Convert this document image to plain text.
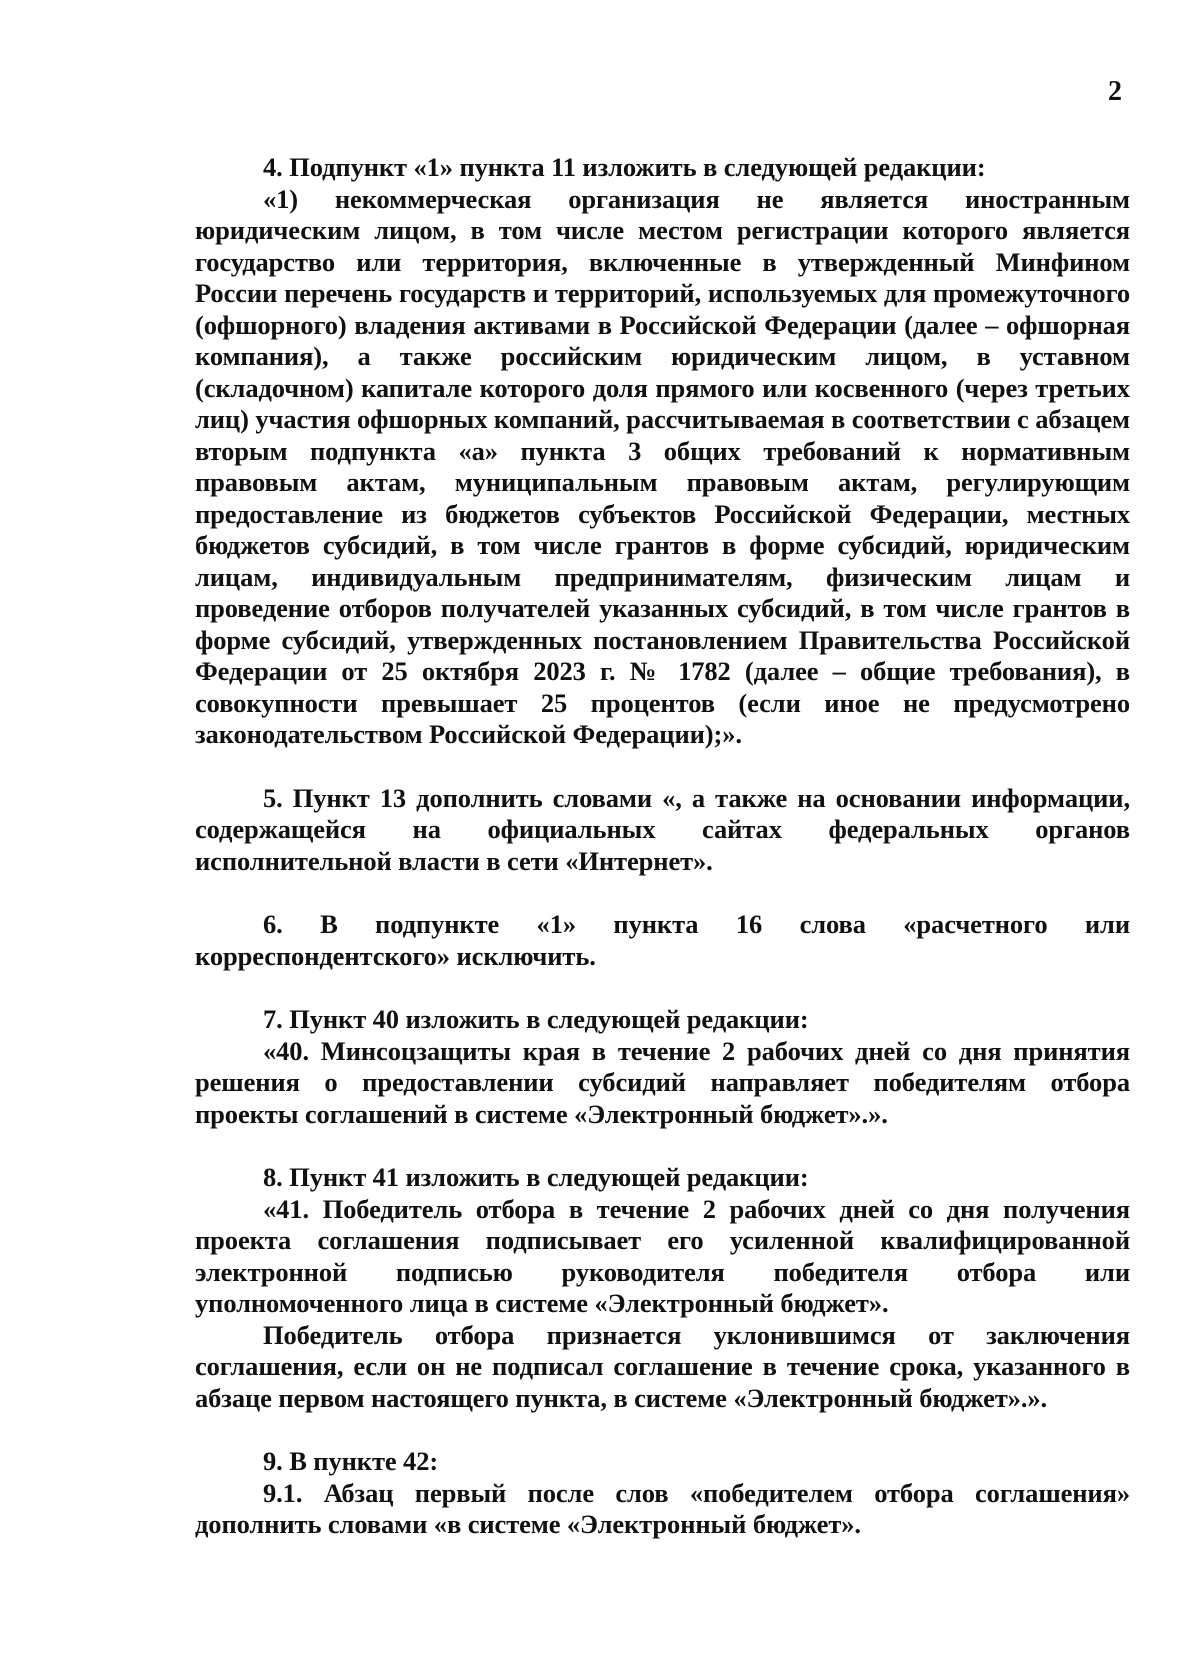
2

4. Подпункт «1» пункта 11 изложить в следующей редакции:

«1) некоммерческая организация не является иностранным юридическим лицом, в том числе местом регистрации которого является государство или территория, включенные в утвержденный Минфином России перечень государств и территорий, используемых для промежуточного (офшорного) владения активами в Российской Федерации (далее – офшорная компания), а также российским юридическим лицом, в уставном (складочном) капитале которого доля прямого или косвенного (через третьих лиц) участия офшорных компаний, рассчитываемая в соответствии с абзацем вторым подпункта «а» пункта 3 общих требований к нормативным правовым актам, муниципальным правовым актам, регулирующим предоставление из бюджетов субъектов Российской Федерации, местных бюджетов субсидий, в том числе грантов в форме субсидий, юридическим лицам, индивидуальным предпринимателям, физическим лицам и проведение отборов получателей указанных субсидий, в том числе грантов в форме субсидий, утвержденных постановлением Правительства Российской Федерации от 25 октября 2023 г. № 1782 (далее – общие требования), в совокупности превышает 25 процентов (если иное не предусмотрено законодательством Российской Федерации);».

5. Пункт 13 дополнить словами «, а также на основании информации, содержащейся на официальных сайтах федеральных органов исполнительной власти в сети «Интернет».

6. В подпункте «1» пункта 16 слова «расчетного или корреспондентского» исключить.

7. Пункт 40 изложить в следующей редакции:

«40. Минсоцзащиты края в течение 2 рабочих дней со дня принятия решения о предоставлении субсидий направляет победителям отбора проекты соглашений в системе «Электронный бюджет».».

8. Пункт 41 изложить в следующей редакции:

«41. Победитель отбора в течение 2 рабочих дней со дня получения проекта соглашения подписывает его усиленной квалифицированной электронной подписью руководителя победителя отбора или уполномоченного лица в системе «Электронный бюджет».

Победитель отбора признается уклонившимся от заключения соглашения, если он не подписал соглашение в течение срока, указанного в абзаце первом настоящего пункта, в системе «Электронный бюджет».».

9. В пункте 42:

9.1. Абзац первый после слов «победителем отбора соглашения» дополнить словами «в системе «Электронный бюджет».
